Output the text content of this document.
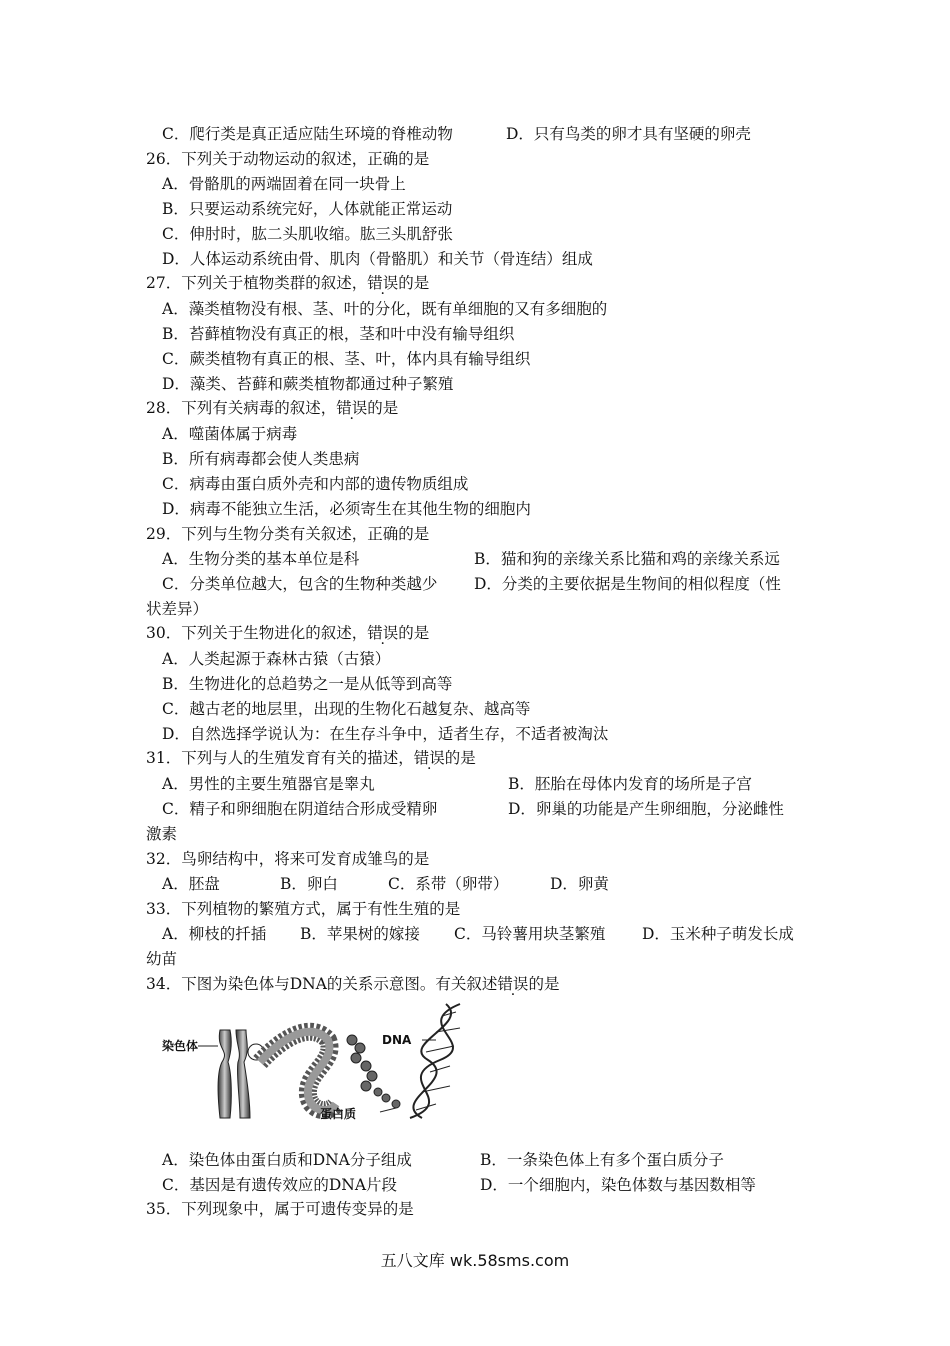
C．爬行类是真正适应陆生环境的脊椎动物	D．只有鸟类的卵才具有坚硬的卵壳
26．下列关于动物运动的叙述，正确的是
A．骨骼肌的两端固着在同一块骨上
B．只要运动系统完好，人体就能正常运动
C．伸肘时，肱二头肌收缩。肱三头肌舒张
D．人体运动系统由骨、肌肉（骨骼肌）和关节（骨连结）组成
27．下列关于植物类群的叙述，错误的是
A．藻类植物没有根、茎、叶的分化，既有单细胞的又有多细胞的
B．苔藓植物没有真正的根，茎和叶中没有输导组织
C．蕨类植物有真正的根、茎、叶，体内具有输导组织
D．藻类、苔藓和蕨类植物都通过种子繁殖
28．下列有关病毒的叙述，错误的是
A．噬菌体属于病毒
B．所有病毒都会使人类患病
C．病毒由蛋白质外壳和内部的遗传物质组成
D．病毒不能独立生活，必须寄生在其他生物的细胞内
29．下列与生物分类有关叙述，正确的是
A．生物分类的基本单位是科	B．猫和狗的亲缘关系比猫和鸡的亲缘关系远
C．分类单位越大，包含的生物种类越少 D．分类的主要依据是生物间的相似程度（性
状差异）
30．下列关于生物进化的叙述，错误的是
A．人类起源于森林古猿（古猿）
B．生物进化的总趋势之一是从低等到高等
C．越古老的地层里，出现的生物化石越复杂、越高等
D．自然选择学说认为：在生存斗争中，适者生存，不适者被淘汰
31．下列与人的生殖发育有关的描述，错误的是
A．男性的主要生殖器官是睾丸	B．胚胎在母体内发育的场所是子宫
C．精子和卵细胞在阴道结合形成受精卵	D．卵巢的功能是产生卵细胞，分泌雌性
激素
32．鸟卵结构中，将来可发育成雏鸟的是
A．胚盘	B．卵白	C．系带（卵带）	D．卵黄
33．下列植物的繁殖方式，属于有性生殖的是
A．柳枝的扦插 B．苹果树的嫁接 C．马铃薯用块茎繁殖 D．玉米种子萌发长成
幼苗
34．下图为染色体与DNA的关系示意图。有关叙述错误的是
A．染色体由蛋白质和DNA分子组成	B．一条染色体上有多个蛋白质分子
C．基因是有遗传效应的DNA片段	D．一个细胞内，染色体数与基因数相等
35．下列现象中，属于可遗传变异的是
染色体
蛋白质
DNA
五八文库 wk.58sms.com
